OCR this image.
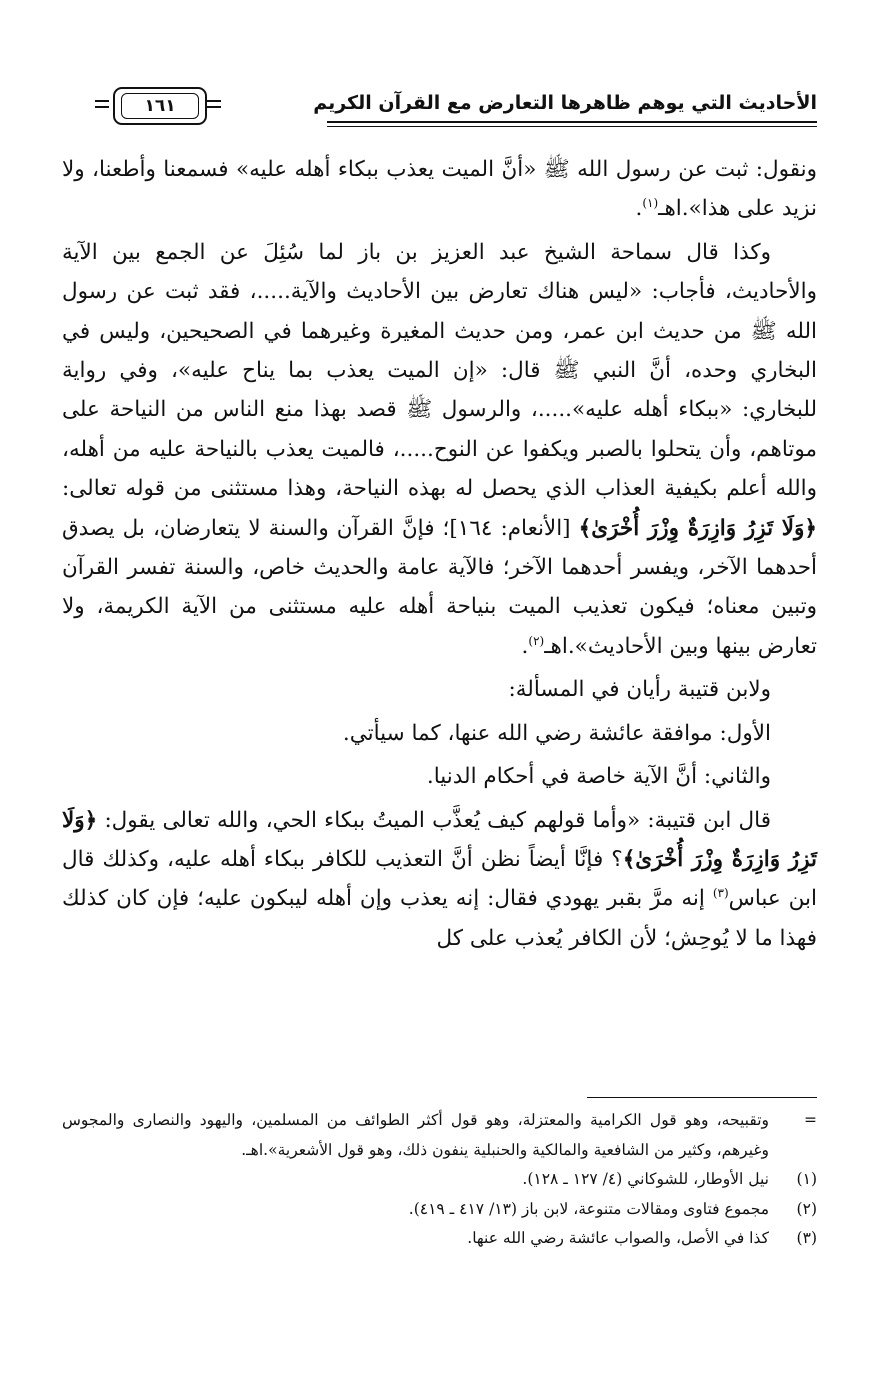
الأحاديث التي يوهم ظاهرها التعارض مع القرآن الكريم
١٦١

ونقول: ثبت عن رسول الله ﷺ «أنَّ الميت يعذب ببكاء أهله عليه» فسمعنا وأطعنا، ولا نزيد على هذا».اهـ$^{(١)}$.

وكذا قال سماحة الشيخ عبد العزيز بن باز لما سُئِلَ عن الجمع بين الآية والأحاديث، فأجاب: «ليس هناك تعارض بين الأحاديث والآية.....، فقد ثبت عن رسول الله ﷺ من حديث ابن عمر، ومن حديث المغيرة وغيرهما في الصحيحين، وليس في البخاري وحده، أنَّ النبي ﷺ قال: «إن الميت يعذب بما يناح عليه»، وفي رواية للبخاري: «ببكاء أهله عليه».....، والرسول ﷺ قصد بهذا منع الناس من النياحة على موتاهم، وأن يتحلوا بالصبر ويكفوا عن النوح.....، فالميت يعذب بالنياحة عليه من أهله، والله أعلم بكيفية العذاب الذي يحصل له بهذه النياحة، وهذا مستثنى من قوله تعالى: ﴿وَلَا تَزِرُ وَازِرَةٌ وِزْرَ أُخْرَىٰ﴾ [الأنعام: ١٦٤]؛ فإنَّ القرآن والسنة لا يتعارضان، بل يصدق أحدهما الآخر، ويفسر أحدهما الآخر؛ فالآية عامة والحديث خاص، والسنة تفسر القرآن وتبين معناه؛ فيكون تعذيب الميت بنياحة أهله عليه مستثنى من الآية الكريمة، ولا تعارض بينها وبين الأحاديث».اهـ$^{(٢)}$.

ولابن قتيبة رأيان في المسألة:

الأول: موافقة عائشة رضي الله عنها، كما سيأتي.

والثاني: أنَّ الآية خاصة في أحكام الدنيا.

قال ابن قتيبة: «وأما قولهم كيف يُعذَّب الميتُ ببكاء الحي، والله تعالى يقول: ﴿وَلَا تَزِرُ وَازِرَةٌ وِزْرَ أُخْرَىٰ﴾؟ فإنَّا أيضاً نظن أنَّ التعذيب للكافر ببكاء أهله عليه، وكذلك قال ابن عباس$^{(٣)}$ إنه مرَّ بقبر يهودي فقال: إنه يعذب وإن أهله ليبكون عليه؛ فإن كان كذلك فهذا ما لا يُوحِش؛ لأن الكافر يُعذب على كل

=
وتقبيحه، وهو قول الكرامية والمعتزلة، وهو قول أكثر الطوائف من المسلمين، واليهود والنصارى والمجوس وغيرهم، وكثير من الشافعية والمالكية والحنبلية ينفون ذلك، وهو قول الأشعرية».اهـ.
(١)
نيل الأوطار، للشوكاني (٤/ ١٢٧ ـ ١٢٨).
(٢)
مجموع فتاوى ومقالات متنوعة، لابن باز (١٣/ ٤١٧ ـ ٤١٩).
(٣)
كذا في الأصل، والصواب عائشة رضي الله عنها.
